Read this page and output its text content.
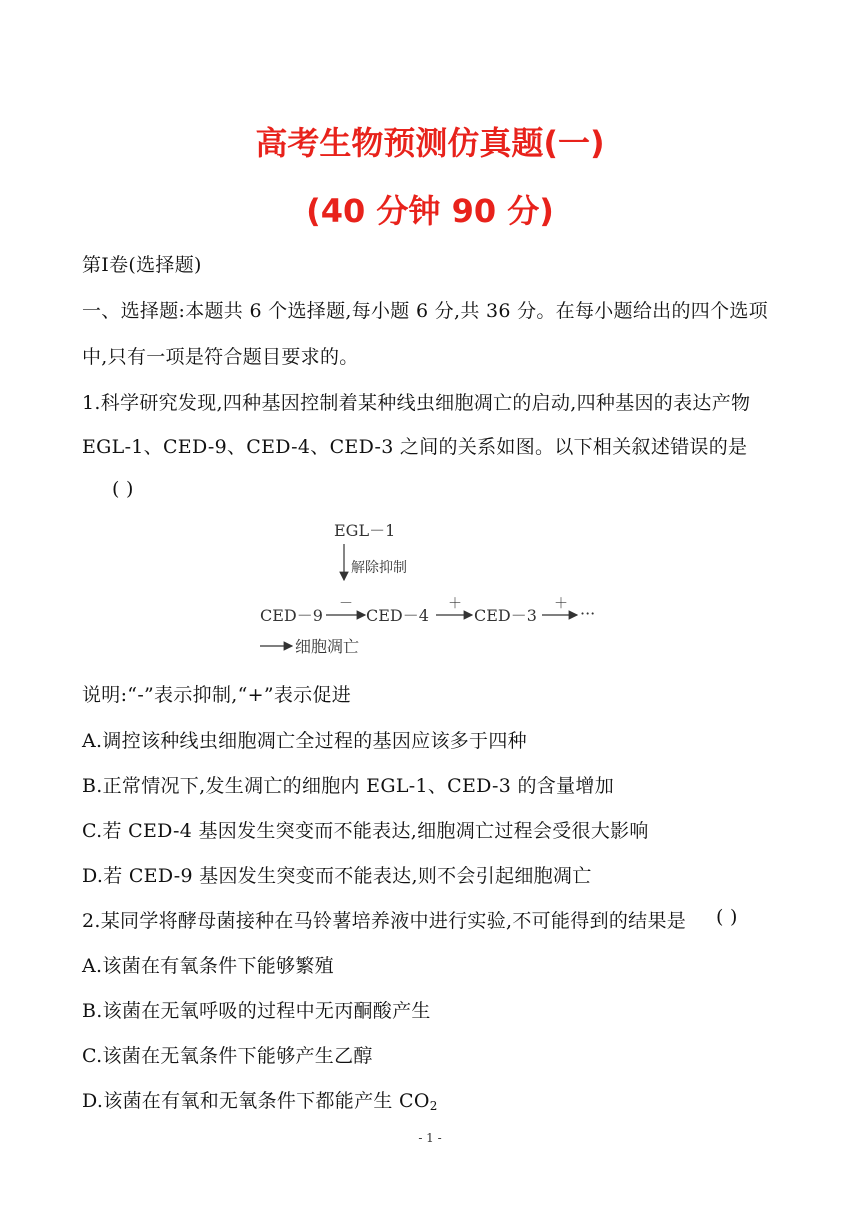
高考生物预测仿真题(一)
(40 分钟 90 分)
第Ⅰ卷(选择题)
一、选择题:本题共 6 个选择题,每小题 6 分,共 36 分。在每小题给出的四个选项
中,只有一项是符合题目要求的。
1.科学研究发现,四种基因控制着某种线虫细胞凋亡的启动,四种基因的表达产物
EGL-1、CED-9、CED-4、CED-3 之间的关系如图。以下相关叙述错误的是
( )
EGL－1
解除抑制
CED－9
－
CED－4
＋
CED－3
＋ ···
细胞凋亡
说明:“-”表示抑制,“+”表示促进
A.调控该种线虫细胞凋亡全过程的基因应该多于四种
B.正常情况下,发生凋亡的细胞内 EGL-1、CED-3 的含量增加
C.若 CED-4 基因发生突变而不能表达,细胞凋亡过程会受很大影响
D.若 CED-9 基因发生突变而不能表达,则不会引起细胞凋亡
2.某同学将酵母菌接种在马铃薯培养液中进行实验,不可能得到的结果是 ( )
A.该菌在有氧条件下能够繁殖
B.该菌在无氧呼吸的过程中无丙酮酸产生
C.该菌在无氧条件下能够产生乙醇
D.该菌在有氧和无氧条件下都能产生 $CO_2$
- 1 -
